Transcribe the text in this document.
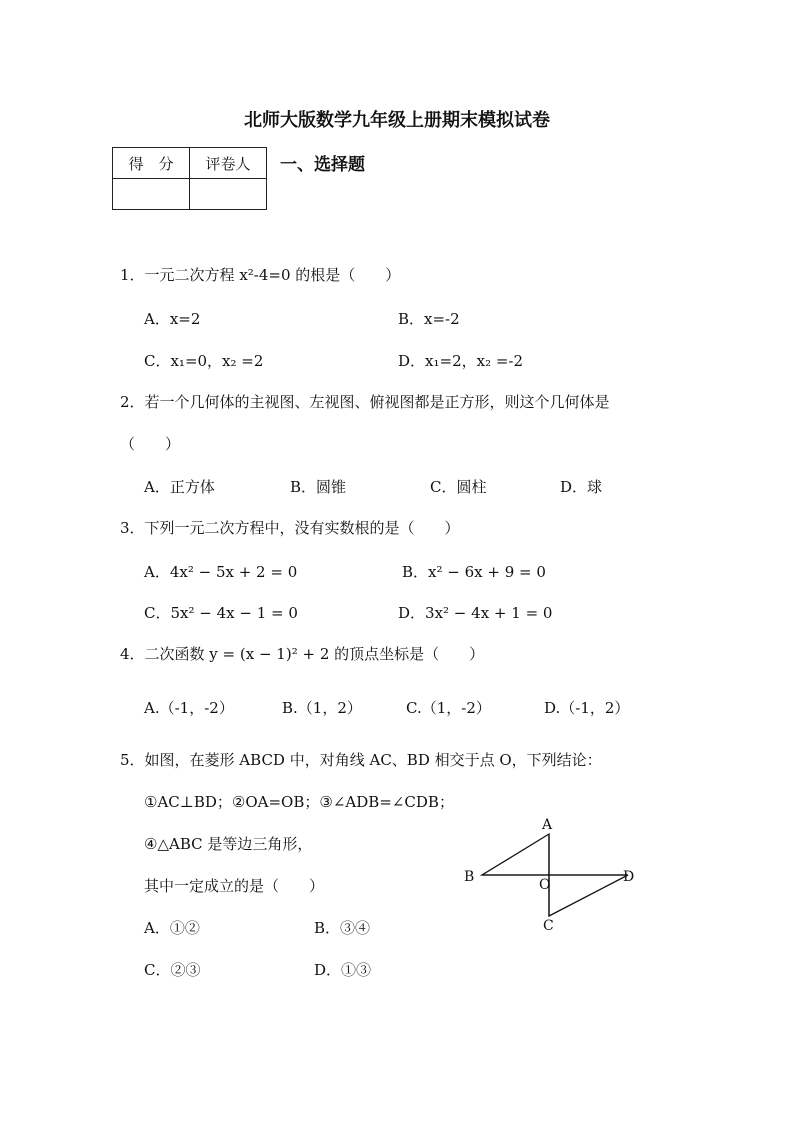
北师大版数学九年级上册期末模拟试卷
得　分	评卷人
	一、选择题
1．一元二次方程 x²-4=0 的根是（　　）
A．x=2	B．x=-2
C．x₁=0，x₂ =2	D．x₁=2，x₂ =-2
2．若一个几何体的主视图、左视图、俯视图都是正方形，则这个几何体是
（　　）
A．正方体	B．圆锥	C．圆柱	D．球
3．下列一元二次方程中，没有实数根的是（　　）
A．4x² − 5x + 2 = 0	B．x² − 6x + 9 = 0
C．5x² − 4x − 1 = 0	D．3x² − 4x + 1 = 0
4．二次函数 y = (x − 1)² + 2 的顶点坐标是（　　）
A.（-1，-2）	B.（1，2）	C.（1，-2）	D.（-1，2）
5．如图，在菱形 ABCD 中，对角线 AC、BD 相交于点 O，下列结论：
①AC⊥BD；②OA=OB；③∠ADB=∠CDB；
④△ABC 是等边三角形，
其中一定成立的是（　　）
A．①②	B．③④
C．②③	D．①③
A
B	D
O
C
